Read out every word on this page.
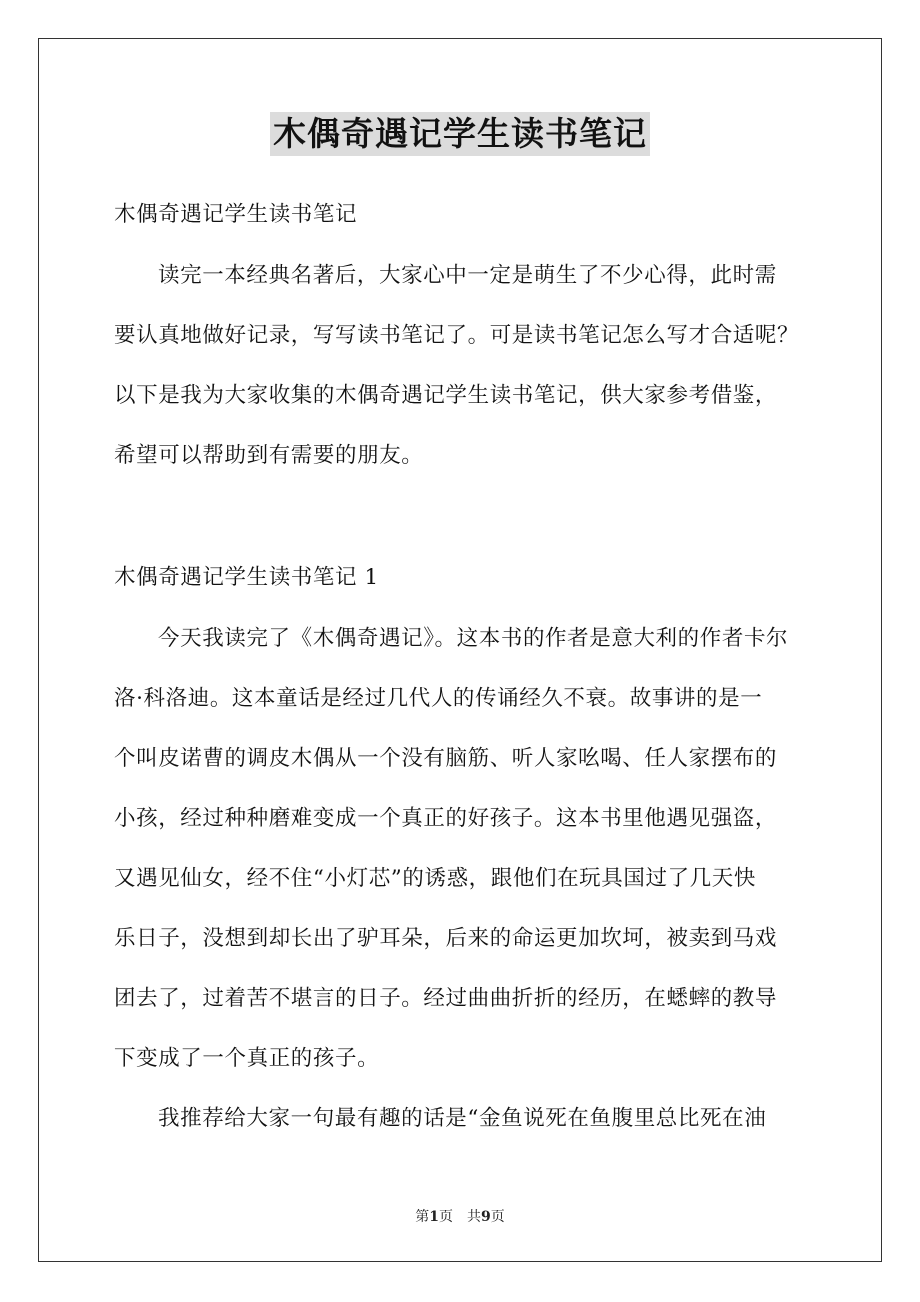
木偶奇遇记学生读书笔记
木偶奇遇记学生读书笔记
读完一本经典名著后，大家心中一定是萌生了不少心得，此时需
要认真地做好记录，写写读书笔记了。可是读书笔记怎么写才合适呢？
以下是我为大家收集的木偶奇遇记学生读书笔记，供大家参考借鉴，
希望可以帮助到有需要的朋友。
木偶奇遇记学生读书笔记 1
今天我读完了《木偶奇遇记》。这本书的作者是意大利的作者卡尔
洛·科洛迪。这本童话是经过几代人的传诵经久不衰。故事讲的是一
个叫皮诺曹的调皮木偶从一个没有脑筋、听人家吆喝、任人家摆布的
小孩，经过种种磨难变成一个真正的好孩子。这本书里他遇见强盗，
又遇见仙女，经不住“小灯芯”的诱惑，跟他们在玩具国过了几天快
乐日子，没想到却长出了驴耳朵，后来的命运更加坎坷，被卖到马戏
团去了，过着苦不堪言的日子。经过曲曲折折的经历，在蟋蟀的教导
下变成了一个真正的孩子。
我推荐给大家一句最有趣的话是“金鱼说死在鱼腹里总比死在油
第1页　共9页
